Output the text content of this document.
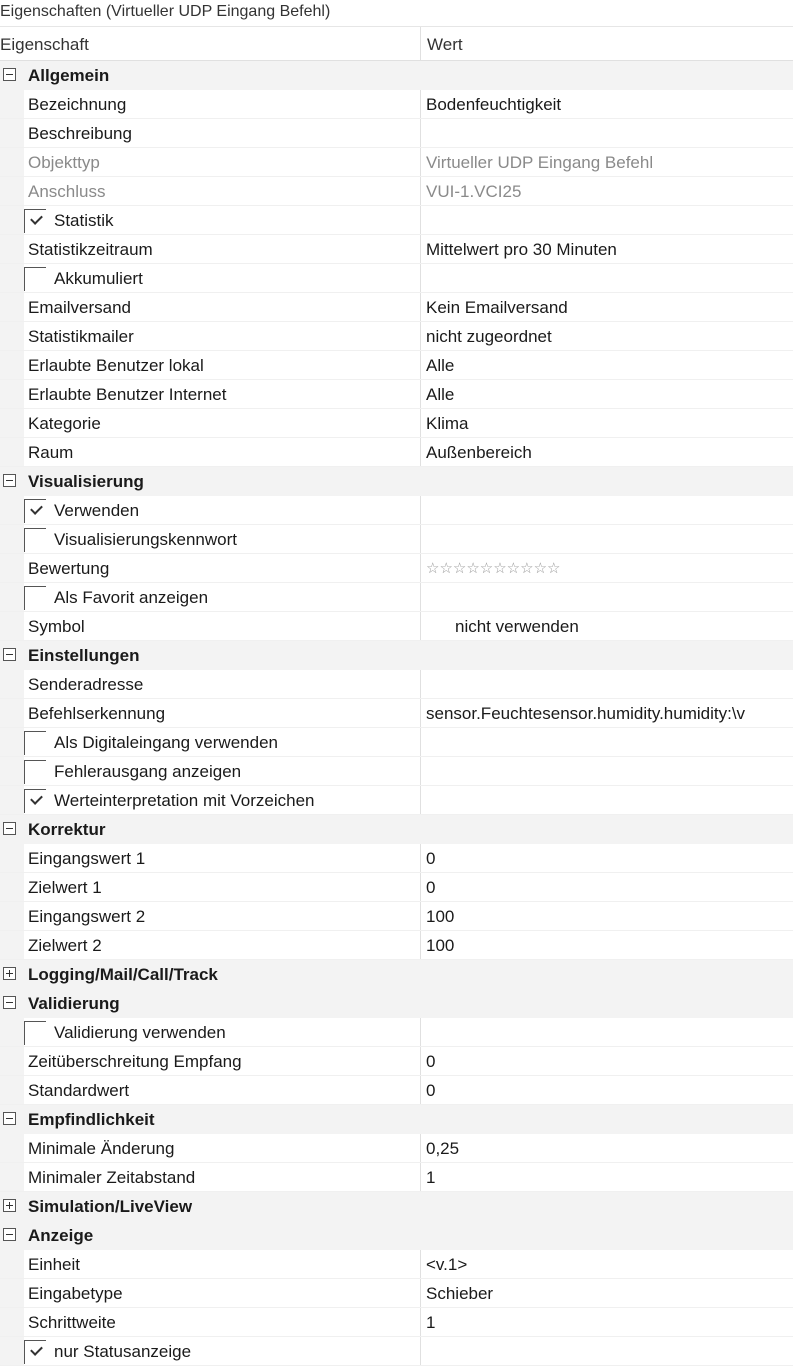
Eigenschaften (Virtueller UDP Eingang Befehl)
Eigenschaft	Wert
Allgemein
Bezeichnung	Bodenfeuchtigkeit
Beschreibung
Objekttyp	Virtueller UDP Eingang Befehl
Anschluss	VUI-1.VCI25
Statistik
Statistikzeitraum	Mittelwert pro 30 Minuten
Akkumuliert
Emailversand	Kein Emailversand
Statistikmailer	nicht zugeordnet
Erlaubte Benutzer lokal	Alle
Erlaubte Benutzer Internet	Alle
Kategorie	Klima
Raum	Außenbereich
Visualisierung
Verwenden
Visualisierungskennwort
Bewertung	☆☆☆☆☆☆☆☆☆☆
Als Favorit anzeigen
Symbol	nicht verwenden
Einstellungen
Senderadresse
Befehlserkennung	sensor.Feuchtesensor.humidity.humidity:\v
Als Digitaleingang verwenden
Fehlerausgang anzeigen
Werteinterpretation mit Vorzeichen
Korrektur
Eingangswert 1	0
Zielwert 1	0
Eingangswert 2	100
Zielwert 2	100
Logging/Mail/Call/Track
Validierung
Validierung verwenden
Zeitüberschreitung Empfang	0
Standardwert	0
Empfindlichkeit
Minimale Änderung	0,25
Minimaler Zeitabstand	1
Simulation/LiveView
Anzeige
Einheit	<v.1>
Eingabetype	Schieber
Schrittweite	1
nur Statusanzeige
